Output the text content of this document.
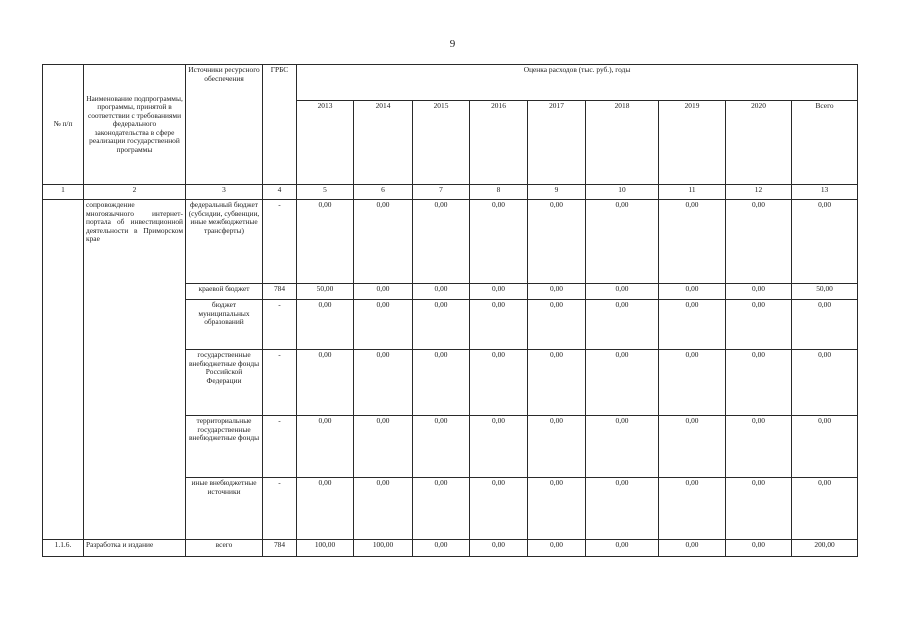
9
№ п/п	Наименование подпрограммы, программы, принятой в соответствии с требованиями федерального законодательства в сфере реализации государственной программы	Источники ресурсного обеспечения	ГРБС	Оценка расходов (тыс. руб.), годы								
				2013	2014	2015	2016	2017	2018	2019	2020	Всего
1	2	3	4	5	6	7	8	9	10	11	12	13
	сопровождение многоязычного интернет-портала об инвестиционной деятельности в Приморском крае	федеральный бюджет (субсидии, субвенции, иные межбюджетные трансферты)	-	0,00	0,00	0,00	0,00	0,00	0,00	0,00	0,00	0,00
		краевой бюджет	784	50,00	0,00	0,00	0,00	0,00	0,00	0,00	0,00	50,00
		бюджет муниципальных образований	-	0,00	0,00	0,00	0,00	0,00	0,00	0,00	0,00	0,00
		государственные внебюджетные фонды Российской Федерации	-	0,00	0,00	0,00	0,00	0,00	0,00	0,00	0,00	0,00
		территориальные государственные внебюджетные фонды	-	0,00	0,00	0,00	0,00	0,00	0,00	0,00	0,00	0,00
		иные внебюджетные источники	-	0,00	0,00	0,00	0,00	0,00	0,00	0,00	0,00	0,00
1.1.6.	Разработка и издание	всего	784	100,00	100,00	0,00	0,00	0,00	0,00	0,00	0,00	200,00
